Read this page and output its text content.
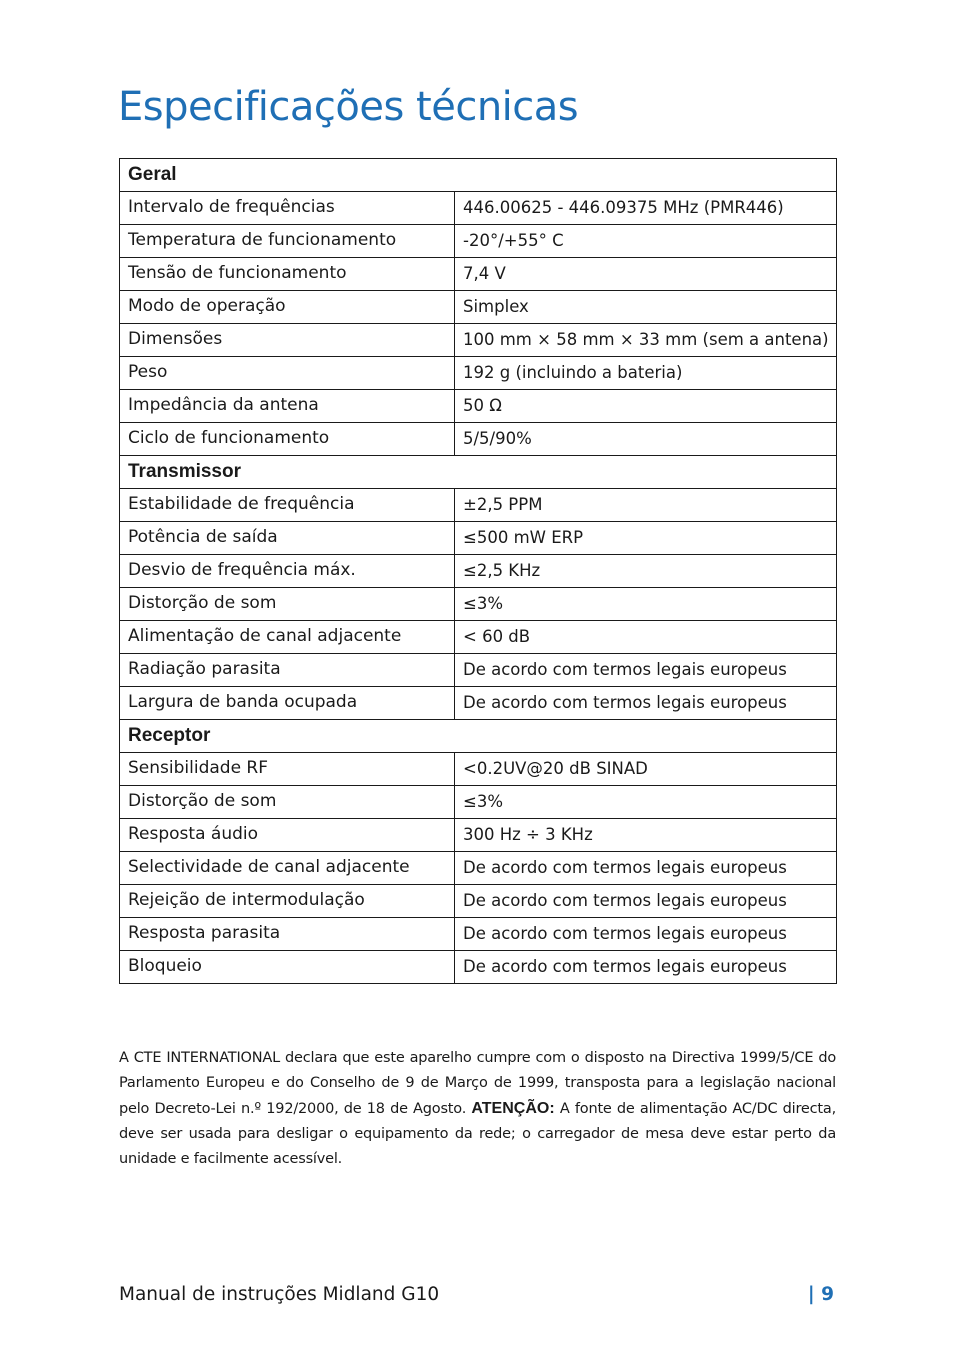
Especificações técnicas
Geral	
Intervalo de frequências	446.00625 - 446.09375 MHz (PMR446)
Temperatura de funcionamento	-20°/+55° C
Tensão de funcionamento	7,4 V
Modo de operação	Simplex
Dimensões	100 mm × 58 mm × 33 mm (sem a antena)
Peso	192 g (incluindo a bateria)
Impedância da antena	50 Ω
Ciclo de funcionamento	5/5/90%
Transmissor	
Estabilidade de frequência	±2,5 PPM
Potência de saída	≤500 mW ERP
Desvio de frequência máx.	≤2,5 KHz
Distorção de som	≤3%
Alimentação de canal adjacente	< 60 dB
Radiação parasita	De acordo com termos legais europeus
Largura de banda ocupada	De acordo com termos legais europeus
Receptor	
Sensibilidade RF	<0.2UV@20 dB SINAD
Distorção de som	≤3%
Resposta áudio	300 Hz ÷ 3 KHz
Selectividade de canal adjacente	De acordo com termos legais europeus
Rejeição de intermodulação	De acordo com termos legais europeus
Resposta parasita	De acordo com termos legais europeus
Bloqueio	De acordo com termos legais europeus

A CTE INTERNATIONAL declara que este aparelho cumpre com o disposto na Directiva 1999/5/CE do Parlamento Europeu e do Conselho de 9 de Março de 1999, transposta para a legislação nacional pelo Decreto-Lei n.º 192/2000, de 18 de Agosto. ATENÇÃO: A fonte de alimentação AC/DC directa, deve ser usada para desligar o equipamento da rede; o carregador de mesa deve estar perto da unidade e facilmente acessível.

Manual de instruções Midland G10	| 9
